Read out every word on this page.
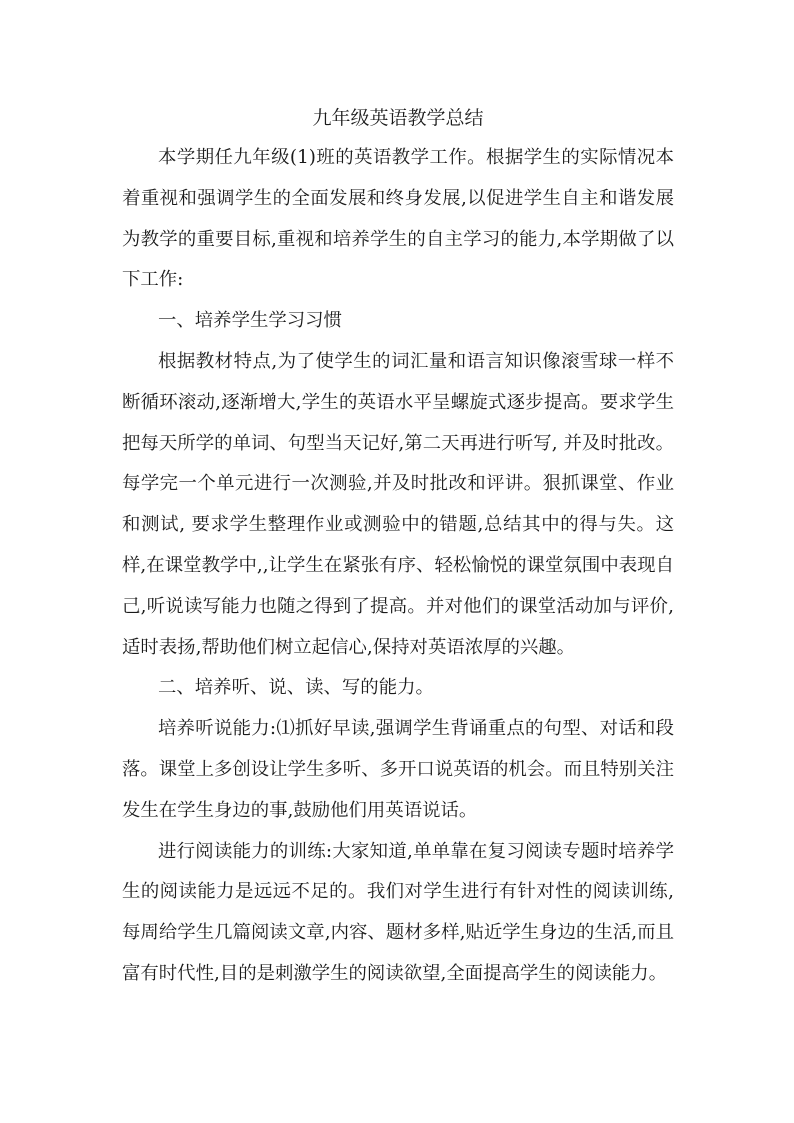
九年级英语教学总结

本学期任九年级(1)班的英语教学工作。根据学生的实际情况本着重视和强调学生的全面发展和终身发展,以促进学生自主和谐发展为教学的重要目标,重视和培养学生的自主学习的能力,本学期做了以下工作:

一、培养学生学习习惯

根据教材特点,为了使学生的词汇量和语言知识像滚雪球一样不断循环滚动,逐渐增大,学生的英语水平呈螺旋式逐步提高。要求学生把每天所学的单词、句型当天记好,第二天再进行听写, 并及时批改。每学完一个单元进行一次测验,并及时批改和评讲。狠抓课堂、作业和测试, 要求学生整理作业或测验中的错题,总结其中的得与失。这样,在课堂教学中,,让学生在紧张有序、轻松愉悦的课堂氛围中表现自己,听说读写能力也随之得到了提高。并对他们的课堂活动加与评价,适时表扬,帮助他们树立起信心,保持对英语浓厚的兴趣。

二、培养听、说、读、写的能力。

培养听说能力:⑴抓好早读,强调学生背诵重点的句型、对话和段落。课堂上多创设让学生多听、多开口说英语的机会。而且特别关注发生在学生身边的事,鼓励他们用英语说话。

进行阅读能力的训练:大家知道,单单靠在复习阅读专题时培养学生的阅读能力是远远不足的。我们对学生进行有针对性的阅读训练,每周给学生几篇阅读文章,内容、题材多样,贴近学生身边的生活,而且富有时代性,目的是刺激学生的阅读欲望,全面提高学生的阅读能力。
